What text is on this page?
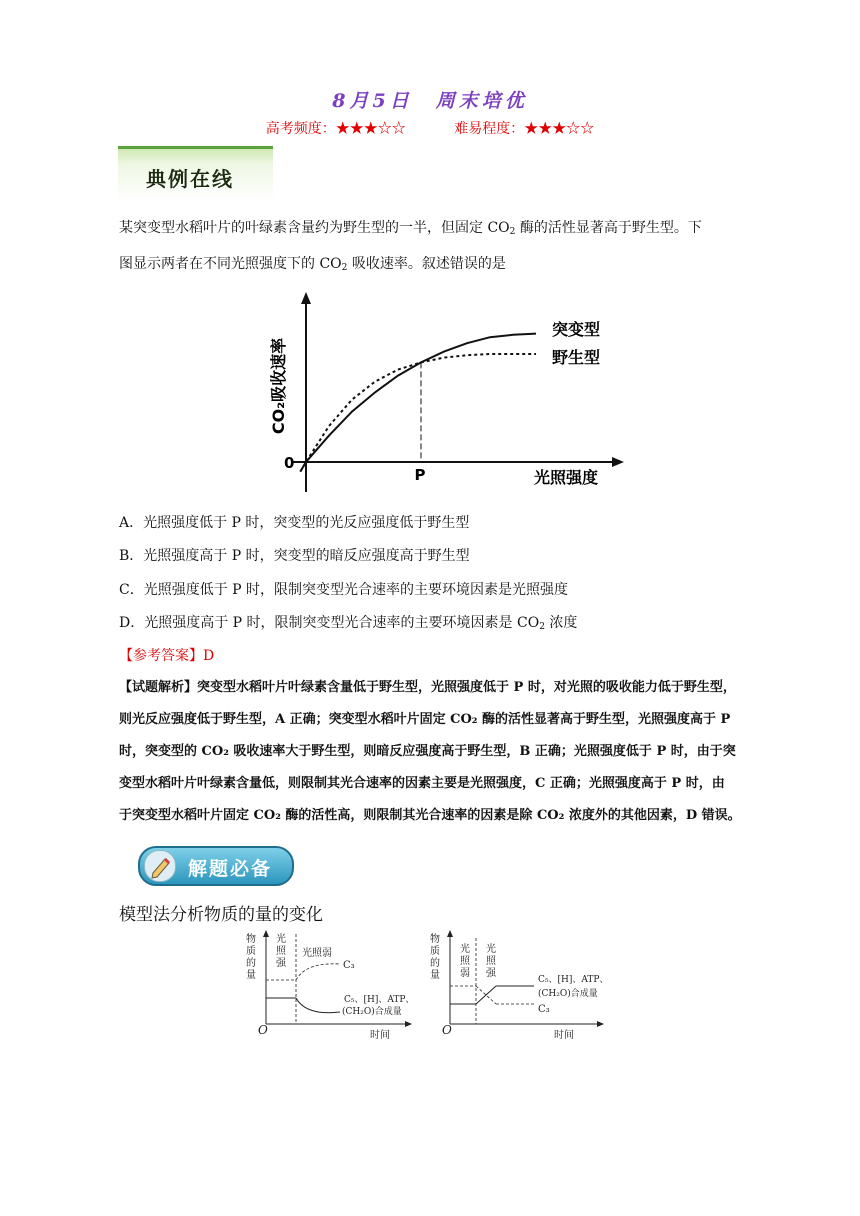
8月5日　周末培优
高考频度：★★★☆☆	难易程度：★★★☆☆
典例在线
某突变型水稻叶片的叶绿素含量约为野生型的一半，但固定 $CO_2$ 酶的活性显著高于野生型。下
图显示两者在不同光照强度下的 $CO_2$ 吸收速率。叙述错误的是
CO₂吸收速率
0
P	光照强度
突变型
野生型
A．光照强度低于 P 时，突变型的光反应强度低于野生型
B．光照强度高于 P 时，突变型的暗反应强度高于野生型
C．光照强度低于 P 时，限制突变型光合速率的主要环境因素是光照强度
D．光照强度高于 P 时，限制突变型光合速率的主要环境因素是 $CO_2$ 浓度
【参考答案】D
【试题解析】突变型水稻叶片叶绿素含量低于野生型，光照强度低于 P 时，对光照的吸收能力低于野生型，
则光反应强度低于野生型，A 正确；突变型水稻叶片固定 CO₂ 酶的活性显著高于野生型，光照强度高于 P
时，突变型的 CO₂ 吸收速率大于野生型，则暗反应强度高于野生型，B 正确；光照强度低于 P 时，由于突
变型水稻叶片叶绿素含量低，则限制其光合速率的因素主要是光照强度，C 正确；光照强度高于 P 时，由
于突变型水稻叶片固定 CO₂ 酶的活性高，则限制其光合速率的因素是除 CO₂ 浓度外的其他因素，D 错误。
解题必备
模型法分析物质的量的变化
物
质
的
量
光
照
强
光照弱
C₃
C₅、[H]、ATP、
(CH₂O)合成量
O	时间
物
质
的
量
光
照
弱
光
照
强
C₅、[H]、ATP、
(CH₂O)合成量
C₃
O	时间
